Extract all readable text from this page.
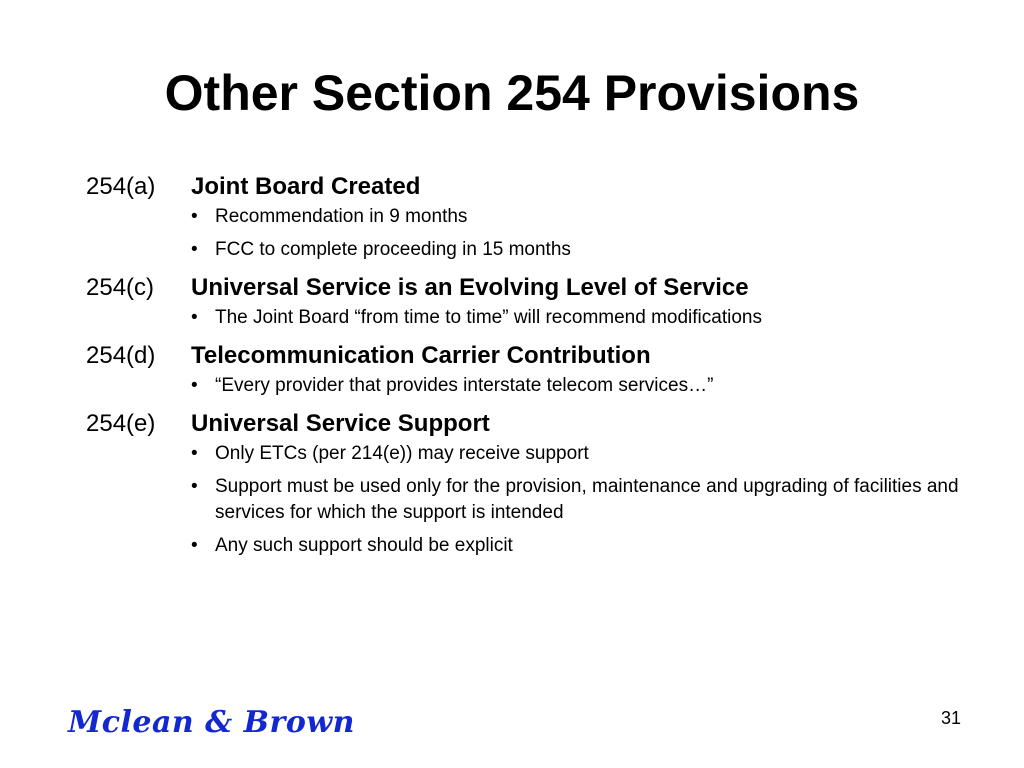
Other Section 254 Provisions
254(a)	Joint Board Created
• Recommendation in 9 months
• FCC to complete proceeding in 15 months
254(c)	Universal Service is an Evolving Level of Service
• The Joint Board “from time to time” will recommend modifications
254(d)	Telecommunication Carrier Contribution
• “Every provider that provides interstate telecom services…”
254(e)	Universal Service Support
• Only ETCs (per 214(e)) may receive support
• Support must be used only for the provision, maintenance and upgrading of facilities and services for which the support is intended
• Any such support should be explicit
Mclean & Brown	31
